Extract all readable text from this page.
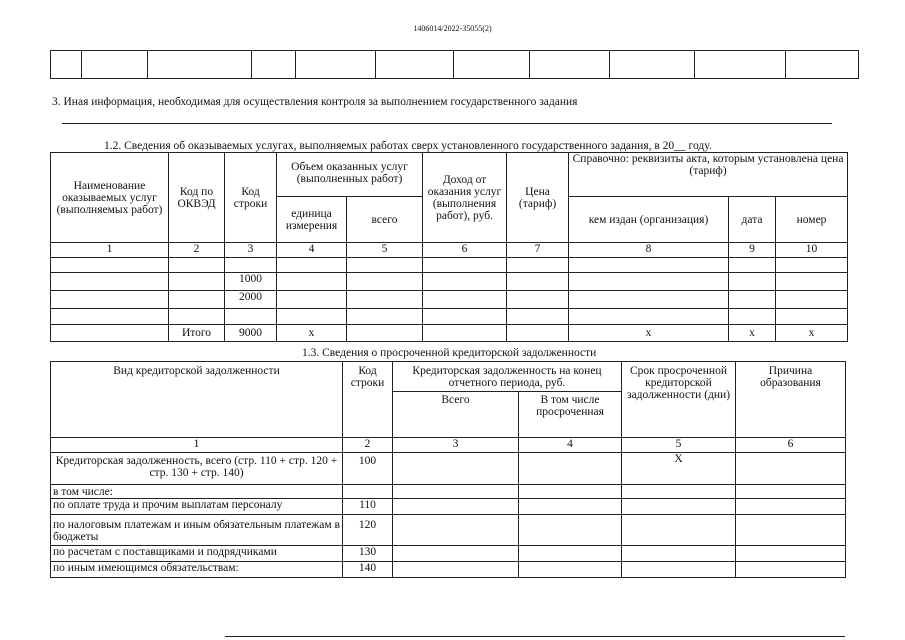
1406014/2022-35055(2)

3. Иная информация, необходимая для осуществления контроля за выполнением государственного задания
1.2. Сведения об оказываемых услугах, выполняемых работах сверх установленного государственного задания, в 20__ году.
Наименование оказываемых услуг (выполняемых работ)	Код по ОКВЭД	Код строки	Объем оказанных услуг (выполненных работ)		Доход от оказания услуг (выполнения работ), руб.	Цена (тариф)	Справочно: реквизиты акта, которым установлена цена (тариф)		
			единица измерения	всего			кем издан (организация)	дата	номер
1	2	3	4	5	6	7	8	9	10

		1000							
		2000							

	Итого	9000	x				x	x	x
1.3. Сведения о просроченной кредиторской задолженности
Вид кредиторской задолженности	Код строки	Кредиторская задолженность на конец отчетного периода, руб.		Срок просроченной кредиторской задолженности (дни)	Причина образования
		Всего	В том числе просроченная		
1	2	3	4	5	6
Кредиторская задолженность, всего (стр. 110 + стр. 120 + стр. 130 + стр. 140)	100			X	
в том числе:					
по оплате труда и прочим выплатам персоналу	110				
по налоговым платежам и иным обязательным платежам в бюджеты	120				
по расчетам с поставщиками и подрядчиками	130				
по иным имеющимся обязательствам:	140				
